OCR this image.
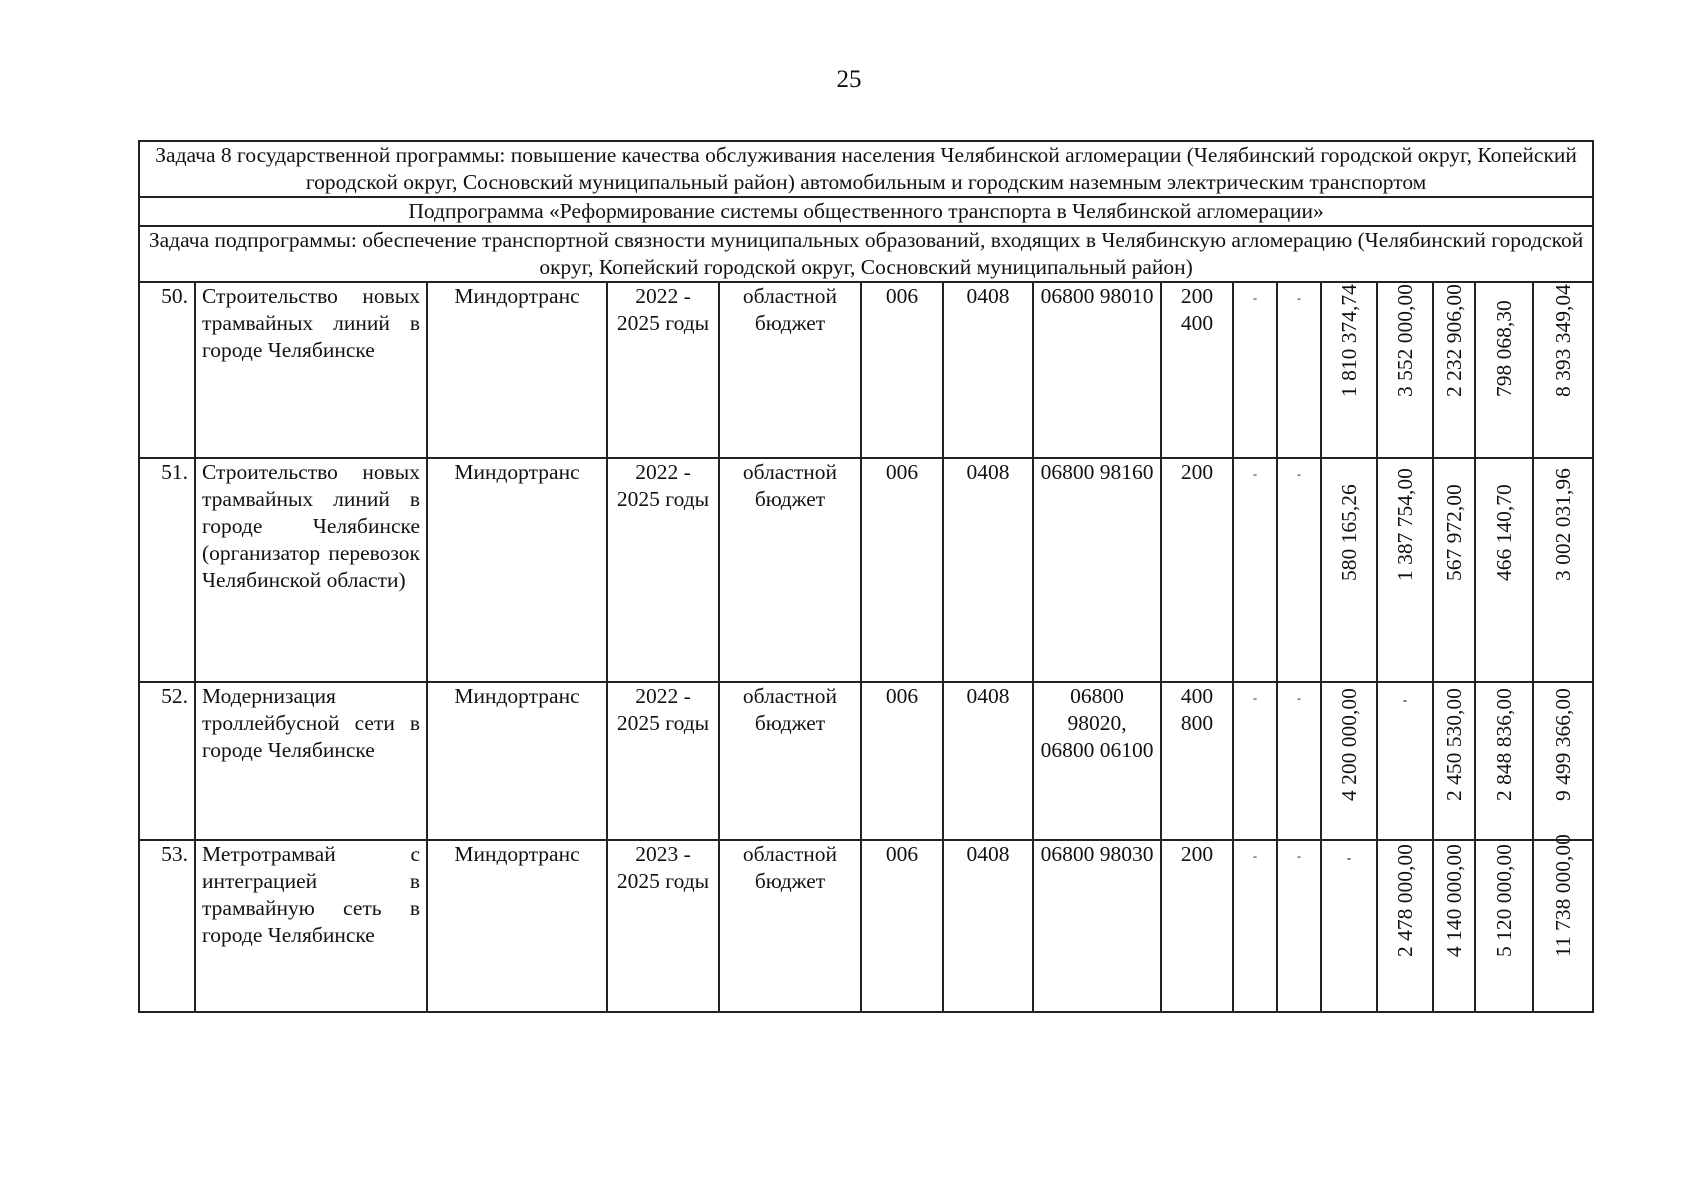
25
Задача 8 государственной программы: повышение качества обслуживания населения Челябинской агломерации (Челябинский городской округ, Копейский городской округ, Сосновский муниципальный район) автомобильным и городским наземным электрическим транспортом															
Подпрограмма «Реформирование системы общественного транспорта в Челябинской агломерации»															
Задача подпрограммы: обеспечение транспортной связности муниципальных образований, входящих в Челябинскую агломерацию (Челябинский городской округ, Копейский городской округ, Сосновский муниципальный район)															
50.	Строительство новых трамвайных линий в городе Челябинске	Миндортранс	2022 - 2025 годы	областной бюджет	006	0408	06800 98010	200 400	-	-	1 810 374,74	3 552 000,00	2 232 906,00	798 068,30	8 393 349,04

51.	Строительство новых трамвайных линий в городе Челябинске (организатор перевозок Челябинской области)	Миндортранс	2022 - 2025 годы	областной бюджет	006	0408	06800 98160	200	-	-	580 165,26	1 387 754,00	567 972,00	466 140,70	3 002 031,96

52.	Модернизация троллейбусной сети в городе Челябинске	Миндортранс	2022 - 2025 годы	областной бюджет	006	0408	06800 98020, 06800 06100	400 800	-	-	4 200 000,00	-	2 450 530,00	2 848 836,00	9 499 366,00

53.	Метротрамвай с интеграцией в трамвайную сеть в городе Челябинске	Миндортранс	2023 - 2025 годы	областной бюджет	006	0408	06800 98030	200	-	-	-	2 478 000,00	4 140 000,00	5 120 000,00	11 738 000,00
